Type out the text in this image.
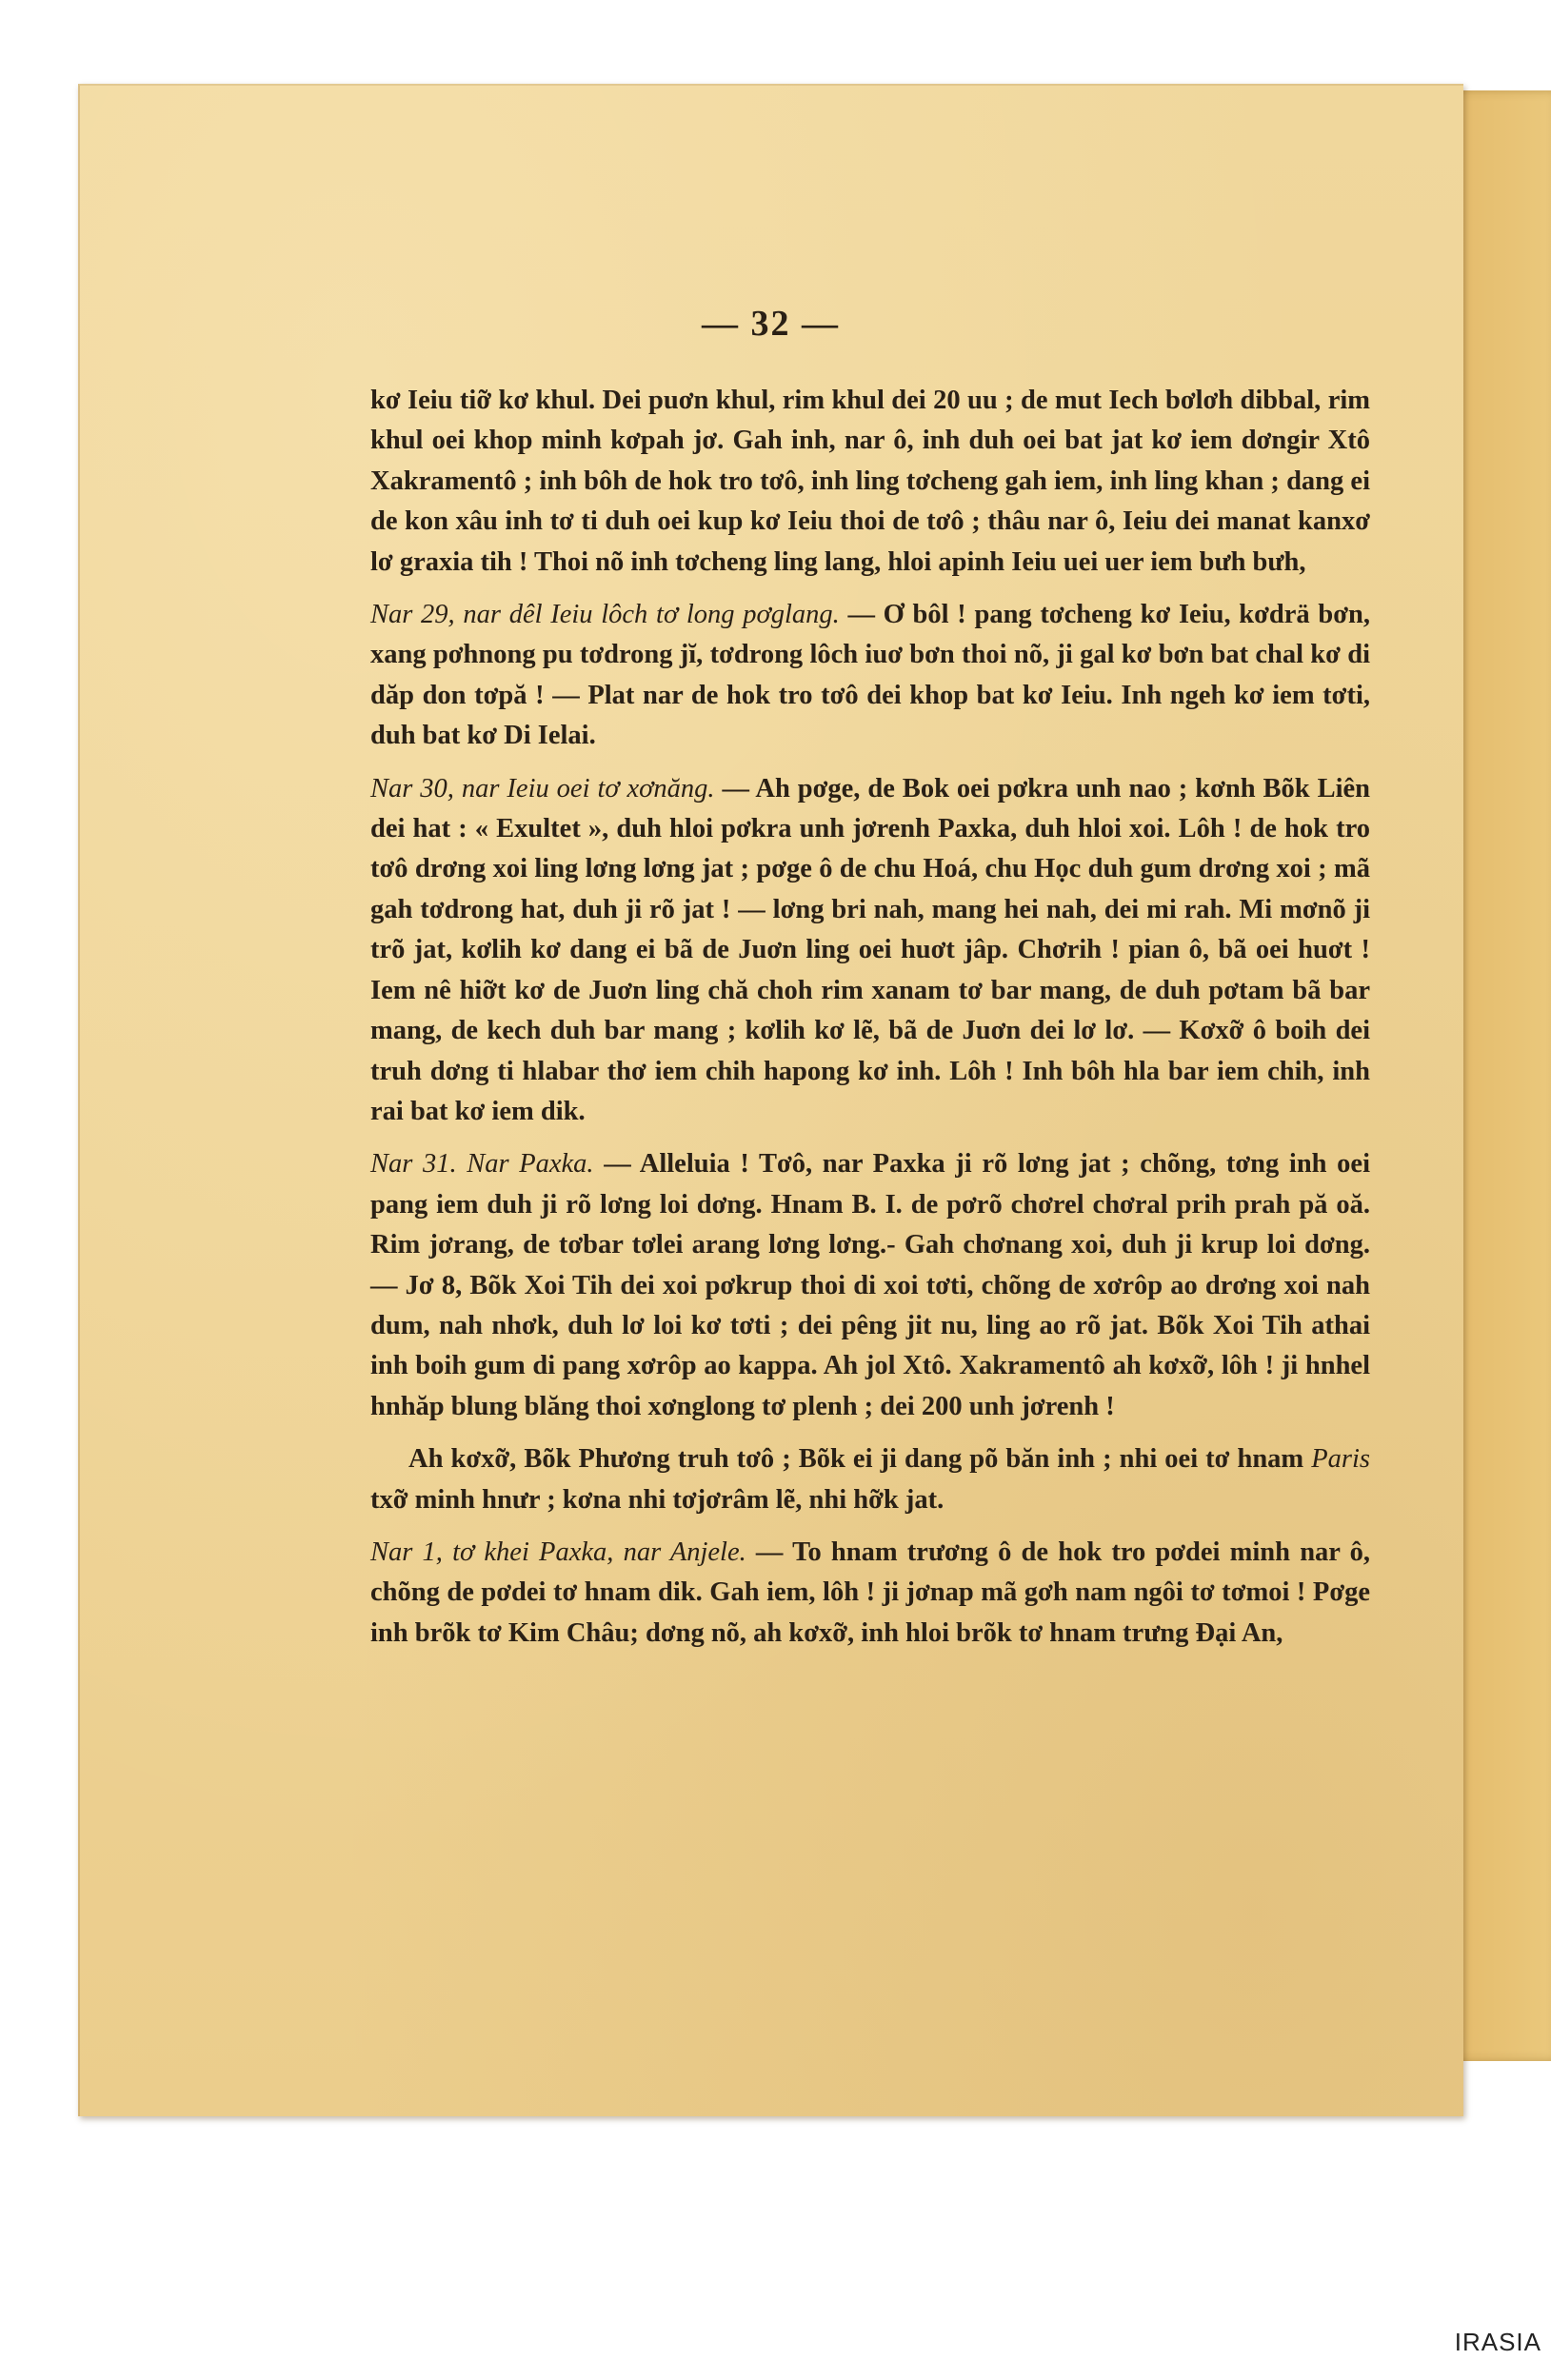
— 32 —

kơ Ieiu tiỡ kơ khul. Dei puơn khul, rim khul dei 20 uu ; de mut Iech bơlơh dibbal, rim khul oei khop minh kơpah jơ. Gah inh, nar ô, inh duh oei bat jat kơ iem dơngir Xtô Xakramentô ; inh bôh de hok tro tơô, inh ling tơcheng gah iem, inh ling khan ; dang ei de kon xâu inh tơ ti duh oei kup kơ Ieiu thoi de tơô ; thâu nar ô, Ieiu dei manat kanxơ lơ graxia tih ! Thoi nõ inh tơcheng ling lang, hloi apinh Ieiu uei uer iem bưh bưh,

Nar 29, nar dêl Ieiu lôch tơ long pơglang. — Ơ bôl ! pang tơcheng kơ Ieiu, kơdrä bơn, xang pơhnong pu tơdrong jĭ, tơdrong lôch iuơ bơn thoi nõ, ji gal kơ bơn bat chal kơ di dăp don tơpă ! — Plat nar de hok tro tơô dei khop bat kơ Ieiu. Inh ngeh kơ iem tơti, duh bat kơ Di Ielai.

Nar 30, nar Ieiu oei tơ xơnăng. — Ah pơge, de Bok oei pơkra unh nao ; kơnh Bõk Liên dei hat : « Exultet », duh hloi pơkra unh jơrenh Paxka, duh hloi xoi. Lôh ! de hok tro tơô drơng xoi ling lơng lơng jat ; pơge ô de chu Hoá, chu Học duh gum drơng xoi ; mã gah tơdrong hat, duh ji rõ jat ! — lơng bri nah, mang hei nah, dei mi rah. Mi mơnõ ji trõ jat, kơlih kơ dang ei bã de Juơn ling oei huơt jâp. Chơrih ! pian ô, bã oei huơt ! Iem nê hiỡt kơ de Juơn ling chă choh rim xanam tơ bar mang, de duh pơtam bã bar mang, de kech duh bar mang ; kơlih kơ lẽ, bã de Juơn dei lơ lơ. — Kơxỡ ô boih dei truh dơng ti hlabar thơ iem chih hapong kơ inh. Lôh ! Inh bôh hla bar iem chih, inh rai bat kơ iem dik.

Nar 31. Nar Paxka. — Alleluia ! Tơô, nar Paxka ji rõ lơng jat ; chõng, tơng inh oei pang iem duh ji rõ lơng loi dơng. Hnam B. I. de pơrõ chơrel chơral prih prah pă oă. Rim jơrang, de tơbar tơlei arang lơng lơng.- Gah chơnang xoi, duh ji krup loi dơng. — Jơ 8, Bõk Xoi Tih dei xoi pơkrup thoi di xoi tơti, chõng de xơrôp ao drơng xoi nah dum, nah nhơk, duh lơ loi kơ tơti ; dei pêng jit nu, ling ao rõ jat. Bõk Xoi Tih athai inh boih gum di pang xơrôp ao kappa. Ah jol Xtô. Xakramentô ah kơxỡ, lôh ! ji hnhel hnhăp blung blăng thoi xơnglong tơ plenh ; dei 200 unh jơrenh !

Ah kơxỡ, Bõk Phương truh tơô ; Bõk ei ji dang põ băn inh ; nhi oei tơ hnam Paris txỡ minh hnưr ; kơna nhi tơjơrâm lẽ, nhi hỡk jat.

Nar 1, tơ khei Paxka, nar Anjele. — To hnam trương ô de hok tro pơdei minh nar ô, chõng de pơdei tơ hnam dik. Gah iem, lôh ! ji jơnap mã gơh nam ngôi tơ tơmoi ! Pơge inh brõk tơ Kim Châu; dơng nõ, ah kơxỡ, inh hloi brõk tơ hnam trưng Đại An,

IRASIA
